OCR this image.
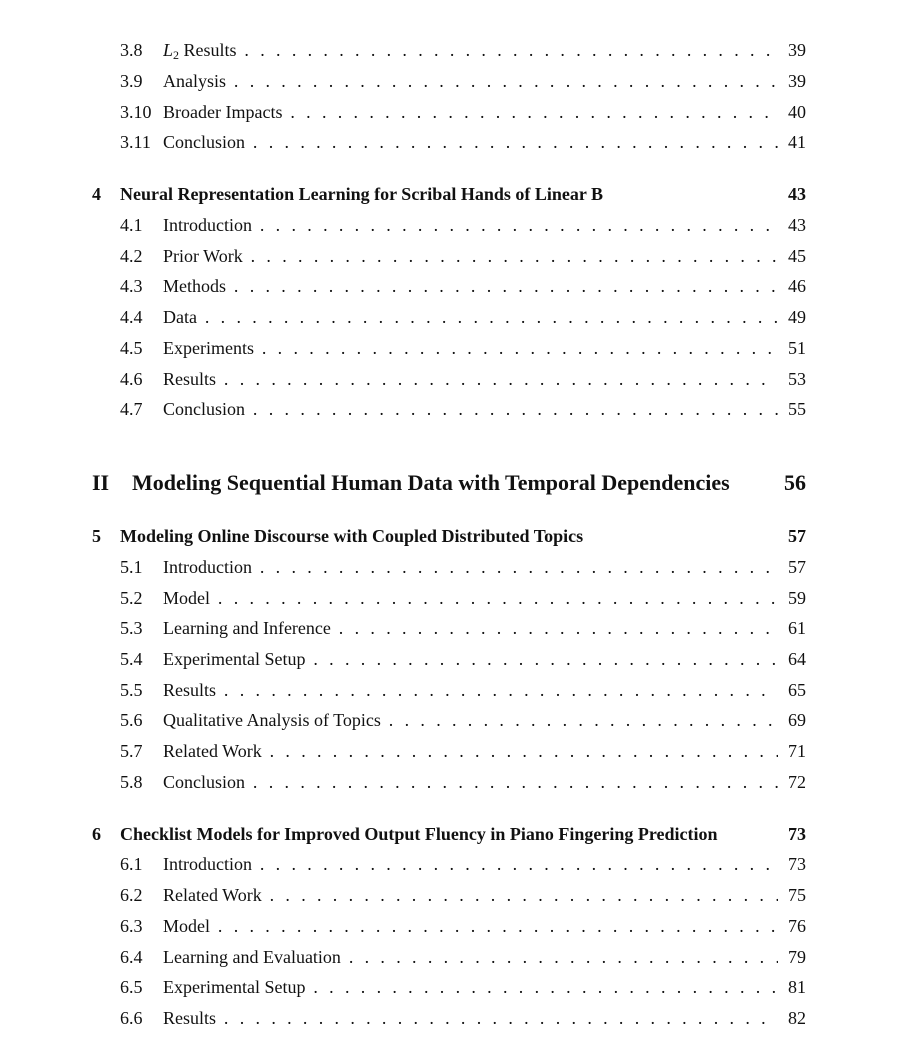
3.8 $L_2$ Results . . .	39
3.9 Analysis . . .	39
3.10 Broader Impacts . . .	40
3.11 Conclusion . . .	41
4 Neural Representation Learning for Scribal Hands of Linear B	43
4.1 Introduction . . .	43
4.2 Prior Work . . .	45
4.3 Methods . . .	46
4.4 Data . . .	49
4.5 Experiments . . .	51
4.6 Results . . .	53
4.7 Conclusion . . .	55
II Modeling Sequential Human Data with Temporal Dependencies 56
5 Modeling Online Discourse with Coupled Distributed Topics	57
5.1 Introduction . . .	57
5.2 Model . . .	59
5.3 Learning and Inference . . .	61
5.4 Experimental Setup . . .	64
5.5 Results . . .	65
5.6 Qualitative Analysis of Topics . . .	69
5.7 Related Work . . .	71
5.8 Conclusion . . .	72
6 Checklist Models for Improved Output Fluency in Piano Fingering Prediction	73
6.1 Introduction . . .	73
6.2 Related Work . . .	75
6.3 Model . . .	76
6.4 Learning and Evaluation . . .	79
6.5 Experimental Setup . . .	81
6.6 Results . . .	82
